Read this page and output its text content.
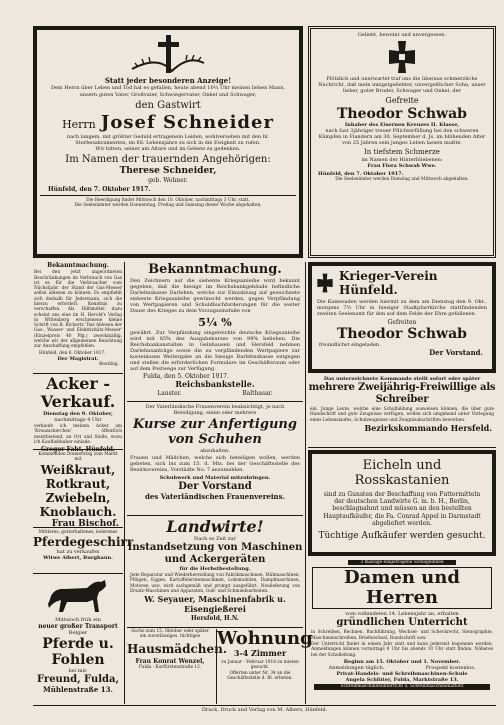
Statt jeder besonderen Anzeige!

Dem Herrn über Leben und Tod hat es gefallen, heute abend 10¼ Uhr meinen lieben Mann, unsern guten Vater, Großvater, Schwiegervater, Onkel und Schwager,

den Gastwirt
Herrn Josef Schneider

nach langem, mit größter Geduld ertragenem Leiden, wohlversehen mit den hl. Sterbesakramenten, im 68. Lebensjahre zu sich in die Ewigkeit zu rufen.

Wir bitten, seiner am Altare und im Gebete zu gedenken.

Im Namen der trauernden Angehörigen:
Therese Schneider,
geb. Wehner.
Hünfeld, den 7. Oktober 1917.

Die Beerdigung findet Mittwoch den 10. Oktober, nachmittags 3 Uhr, statt.

Die Seelenämter werden Donnerstag, Freitag und Samstag dieser Woche abgehalten.

Geliebt, beweint und unvergessen.

Plötzlich und unerwartet traf uns die überaus schmerzliche Nachricht, daß mein innigstgeliebter, unvergeßlicher Sohn, unser lieber, guter Bruder, Schwager und Onkel, der

Gefreite
Theodor Schwab
Inhaber des Eisernen Kreuzes II. Klasse,

nach fast 3jähriger treuer Pflichterfüllung bei den schweren Kämpfen in Flandern am 30. September d. Js. im blühenden Alter von 25 Jahren sein junges Leben lassen mußte.

In tiefstem Schmerze
im Namen der Hinterbliebenen:
Frau Flora Schwab Wwe.
Hünfeld, den 7. Oktober 1917.

Die Seelenämter werden Dienstag und Mittwoch abgehalten.

Bekanntmachung.

Bei den jetzt angeordneten Beschränkungen im Verbrauch von Gas ist es für die Verbraucher vom Nächstjahr, der Stand der Gas-Messer selbst ablesen zu können. Es empfiehlt sich deshalb für Jedermann, sich die hierzu erforderl. Kenntnis zu verschaffen. Als Hilfsmittel dazu scheint uns eine im H. Herold's Verlag in Wittenberg erschienene kleine Schrift von B. Richertz 'Das Ablesen der Gas-, Wasser- und Elektrizitäts-Messer' (Einzelpreis 40 Pfg.) zweckmäßig, welche wir der allgemeinen Beachtung zur Anschaffung empfehlen.

Hünfeld, den 6. Oktober 1917.
Der Magistrat.
Beutling.
Acker - Verkauf.
Dienstag den 9. Oktober,
nachmittags 4 Uhr

verkaufe ich meinen Acker am 'Kreuzackerchen' öffentlich meistbietend, an Ort und Stelle, wozu ich Kaufliebhaber einlade.

Gregor Faht, Hünfeld.
Kommenden Donnerstag zum Markt
mit
Weißkraut, Rotkraut,
Zwiebeln, Knoblauch.
Frau Bischof.
Mittleres, gutterhaltenes, lederenes
Pferdegeschirr
hat zu verkaufen
Witwe Albert, Burghaun.
Mittwoch früh ein
neuer großer Transport
Belgier
Pferde u. Fohlen
bei mir.
Freund, Fulda,
Mühlenstraße 13.
Bekanntmachung.

Den Zeichnern auf die siebente Kriegsanleihe wird bekannt gegeben, daß die hiesige im Reichsbankgebäude befindliche Darlehnskasse Darlehen, welche zur Einzahlung auf gezeichnete siebente Kriegsanleihe gewünscht werden, gegen Verpfändung von Wertpapieren und Schuldbuchforderungen für die weiter Dauer des Krieges zu dem Vorzugszinsfuße von

5¼ %

gewährt. Zur Verpfändung eingereichte deutsche Kriegsanleihe wird mit 85% des Ausgabekurses von 98% beliehen. Die Reichsbankanstalten in Gelnhausen und Hersfeld nehmen Darlehnsanträge sowie die zu verpfändenden Wertpapiere zur kostenlosen Weitergabe an die hiesige Darlehnskasse entgegen und stellen die erforderlichen Formulare im Geschäftsraum oder auf dem Postwege zur Verfügung.

Fulda, den 5. Oktober 1917.
Reichsbankstelle.
Lauster.	Balthasar.

Der Vaterländische Frauenverein beabsichtigt, je nach Beteiligung, einen oder mehrere

Kurse zur Anfertigung von Schuhen
abzuhalten.

Frauen und Mädchen, welche sich beteiligen wollen, werden gebeten, sich bis zum 15. d. Mts. bei der Geschäftsstelle des Bezirksvereins, Vorstädte No. 7 anzumelden.

Schuhwerk und Material mitzubringen.
Der Vorstand
des Vaterländischen Frauenvereins.
Landwirte!
Nach es Zeit zur
Instandsetzung von Maschinen und Ackergeräten
für die Herbstbestellung.

Jede Reparatur und Wiederherstellung von Fabrikmaschinen, Mähmaschinen, Pflügen, Eggen, Kartoffelerntemaschinen, Lokomobilen, Dampfmaschinen, Motoren usw. wird sachgemäß und prompt ausgeführt. Neulieferung von Ersatz-Maschinen und Apparaten, Guß- und Schmiedearbeiten.

W. Seyauer, Maschinenfabrik u. Eisengießerei
Hersfeld, H.N.

Suche zum 15. Oktober oder später ein zuverlässiges, tüchtiges

Hausmädchen.
Frau Konrat Wenzel,
Fulda - Kurfürstenstraße 12.
Wohnung
3-4 Zimmer

zu Januar - Februar 1918 zu mieten gesucht.

Offerten unter Nr. 34 an die Geschäftsstelle d. Bl. erbeten.

Krieger-Verein Hünfeld.

Die Kameraden werden hiermit zu dem am Dienstag den 9. Okt., morgens 7½ Uhr in hiesiger Stadtpfarrkirche stattfindenden zweiten Seelenamt für den auf dem Felde der Ehre gefallenen

Gefreiten
Theodor Schwab
freundlichst eingeladen.
Der Vorstand.
Das unterzeichnete Kommando stellt sofort oder später
mehrere Zweijährig-Freiwillige als Schreiber

ein. Junge Leute, welche eine Schulbildung ausweisen können, die über gute Handschrift und gute Zeugnisse verfügen, wollen sich umgehend unter Vorlegung eines Lebenslaufes, Schulzeugnisse und Zeugnisabschriften bewerben.

Bezirkskommando Hersfeld.
Eicheln und Rosskastanien

sind zu Gunsten der Beschaffung von Futtermitteln der deutschen Landwirte G. m. b. H., Berlin, beschlagnahmt und müssen an den bestellten Hauptaufkäufer, die Fa. Conrad Appel in Darmstadt abgeliefert werden.

Tüchtige Aufkäufer werden gesucht.
3 mässige eingetragene Schulgeinnen
Damen und Herren
vom vollendeten 14. Lebensjahr an, erhalten
gründlichen Unterricht

in Schreiben, Rechnen, Buchführung, Wechsel- und Scheckrecht, Stenographie, Maschinenschreiben, Briefwechsel, Rundschrift usw.

Der Unterricht findet in einem Jahr statt und kann jederzeit begonnen werden. Anmeldungen können vormittags 9 Uhr bis abends 10 Uhr statt finden. Näheres bei der Schulleitung.

Beginn am 15. Oktober und 1. November.
Anmeldungen täglich.	Prospekt kostenlos.
Privat-Handels- und Schreibmaschinen-Schule
Angela Schlüter, Fulda, Marktstraße 13.
Schreibmaschinenunterricht u. Schreibmaschinenarbeit
Druck, Druck und Verlag von M. Albers, Hünfeld.
